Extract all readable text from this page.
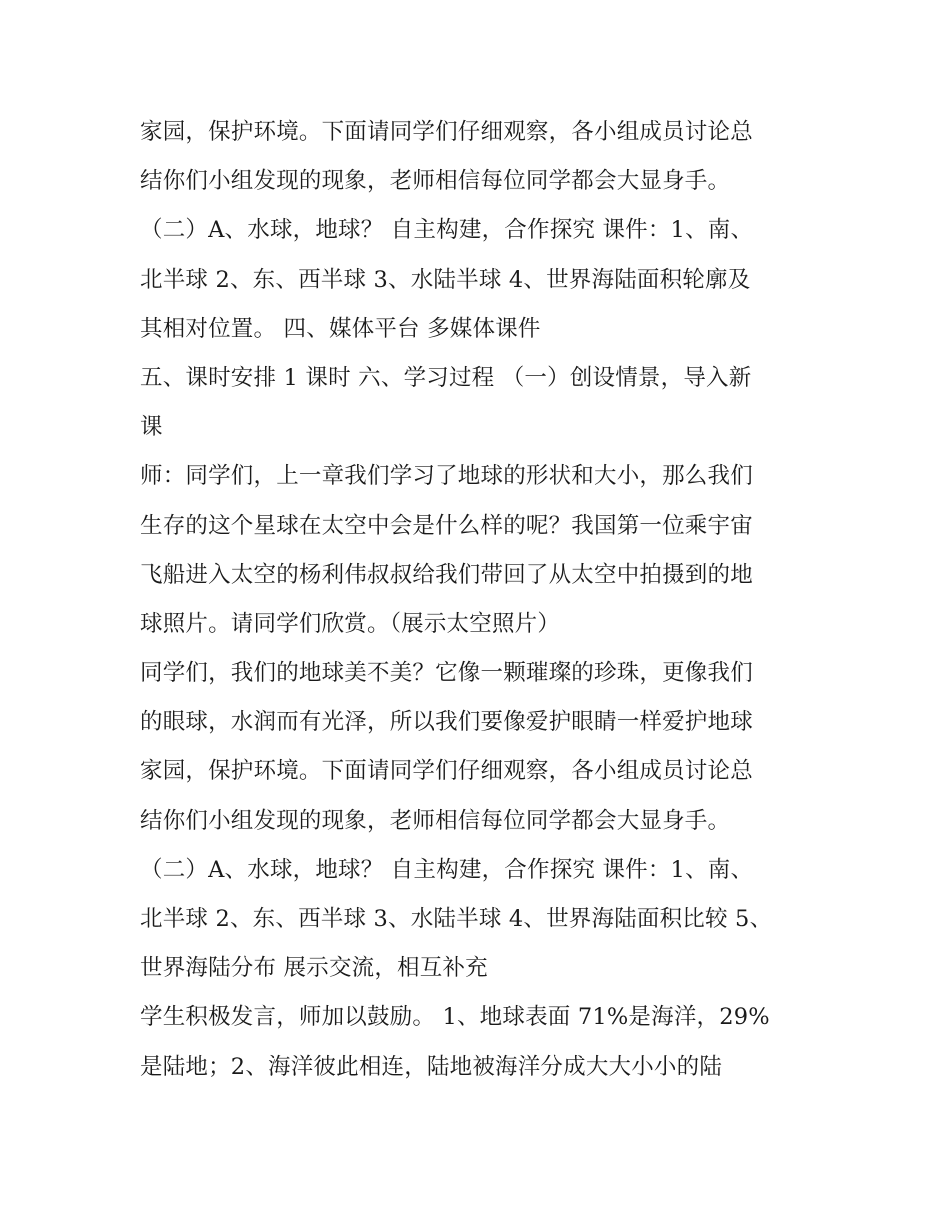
家园，保护环境。下面请同学们仔细观察，各小组成员讨论总
结你们小组发现的现象，老师相信每位同学都会大显身手。
（二）A、水球，地球？ 自主构建，合作探究 课件：1、南、
北半球 2、东、西半球 3、水陆半球 4、世界海陆面积轮廓及
其相对位置。 四、媒体平台 多媒体课件
五、课时安排 1 课时 六、学习过程 （一）创设情景，导入新
课
师：同学们，上一章我们学习了地球的形状和大小，那么我们
生存的这个星球在太空中会是什么样的呢？我国第一位乘宇宙
飞船进入太空的杨利伟叔叔给我们带回了从太空中拍摄到的地
球照片。请同学们欣赏。（展示太空照片）
同学们，我们的地球美不美？它像一颗璀璨的珍珠，更像我们
的眼球，水润而有光泽，所以我们要像爱护眼睛一样爱护地球
家园，保护环境。下面请同学们仔细观察，各小组成员讨论总
结你们小组发现的现象，老师相信每位同学都会大显身手。
（二）A、水球，地球？ 自主构建，合作探究 课件：1、南、
北半球 2、东、西半球 3、水陆半球 4、世界海陆面积比较 5、
世界海陆分布 展示交流，相互补充
学生积极发言，师加以鼓励。 1、地球表面 71%是海洋，29%
是陆地；2、海洋彼此相连，陆地被海洋分成大大小小的陆
